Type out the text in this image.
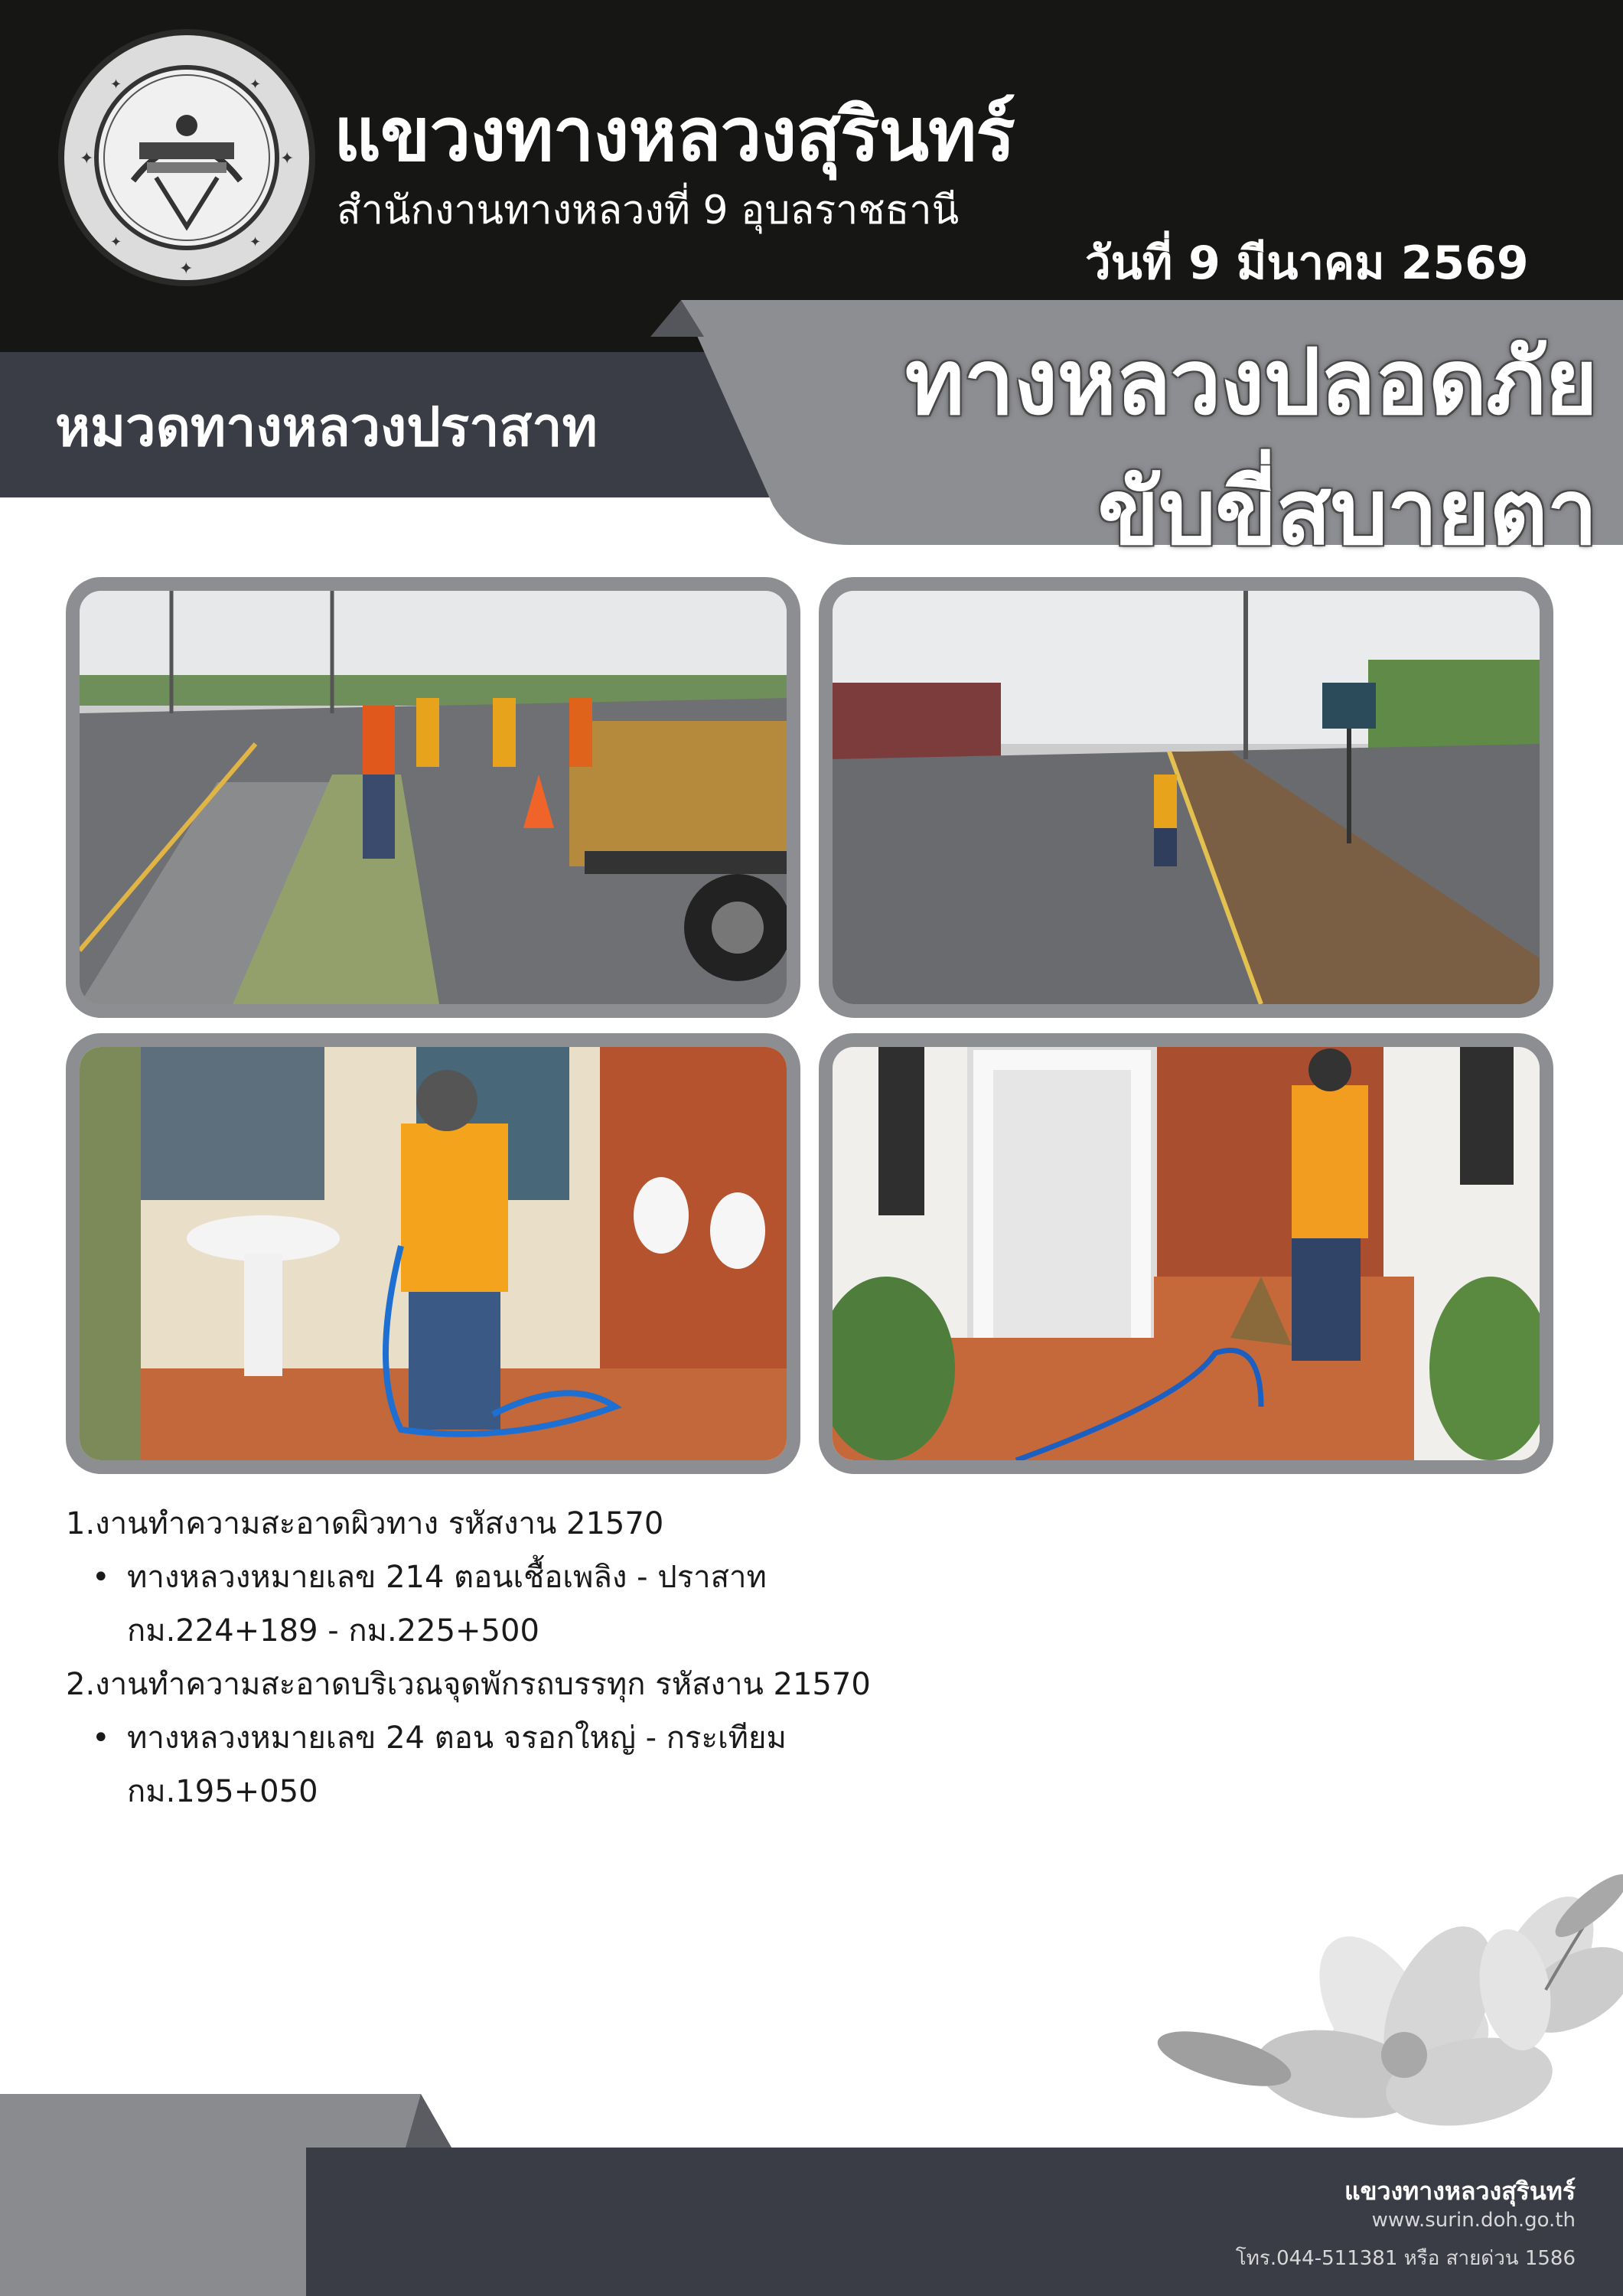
✦	✦
✦
✦	✦
✦	✦
แขวงทางหลวงสุรินทร์
สำนักงานทางหลวงที่ 9 อุบลราชธานี
วันที่ 9 มีนาคม 2569
หมวดทางหลวงปราสาท	ทางหลวงปลอดภัย
ขับขี่สบายตา
1.งานทำความสะอาดผิวทาง รหัสงาน 21570
• ทางหลวงหมายเลข 214 ตอนเชื้อเพลิง - ปราสาท
กม.224+189 - กม.225+500
2.งานทำความสะอาดบริเวณจุดพักรถบรรทุก รหัสงาน 21570
• ทางหลวงหมายเลข 24 ตอน จรอกใหญ่ - กระเทียม
กม.195+050
แขวงทางหลวงสุรินทร์
www.surin.doh.go.th
โทร.044-511381 หรือ สายด่วน 1586
